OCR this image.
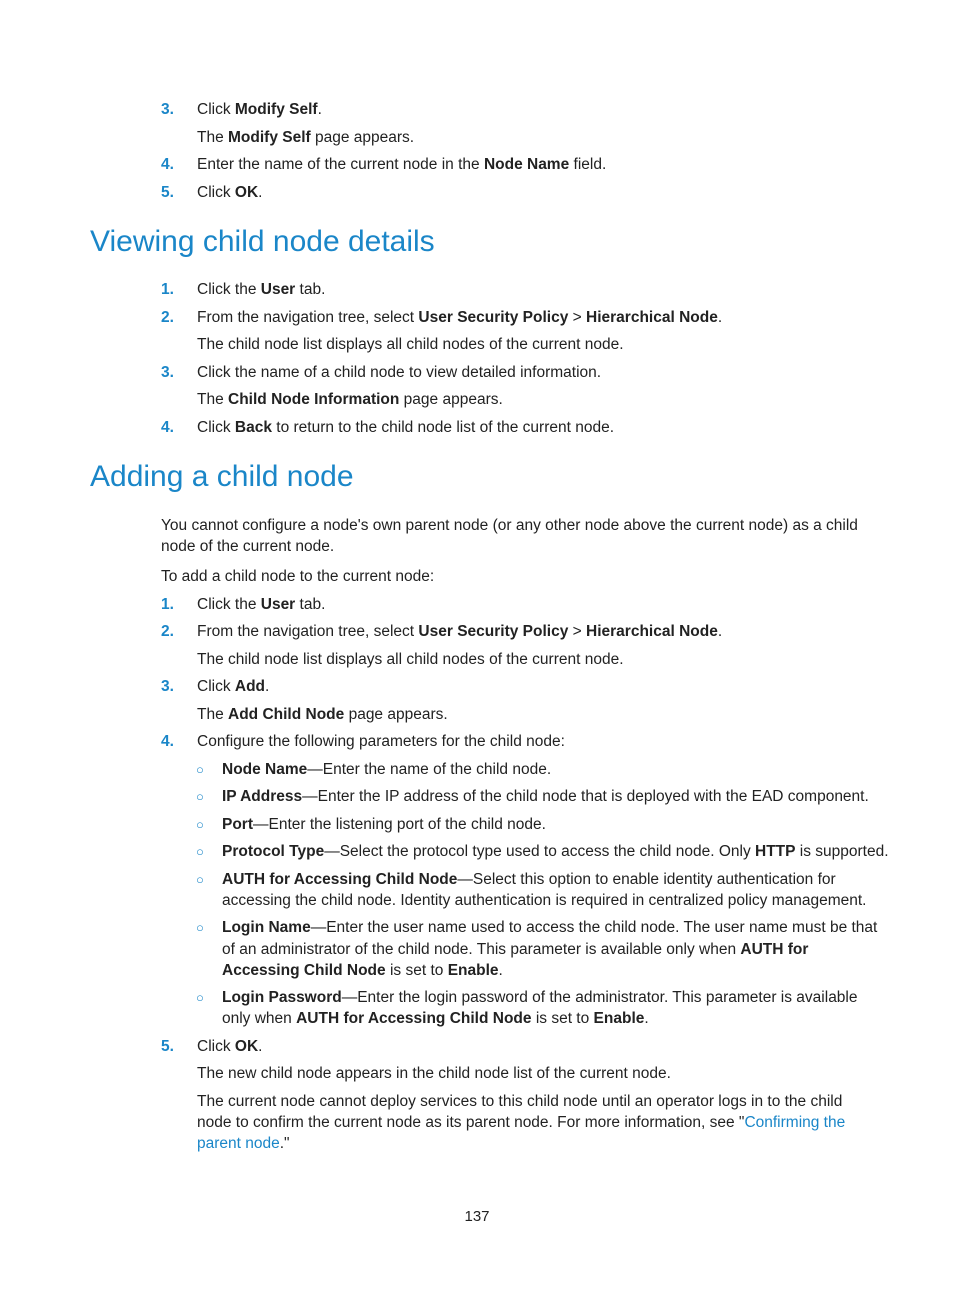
3. Click Modify Self.
The Modify Self page appears.
4. Enter the name of the current node in the Node Name field.
5. Click OK.
Viewing child node details
1. Click the User tab.
2. From the navigation tree, select User Security Policy > Hierarchical Node.
The child node list displays all child nodes of the current node.
3. Click the name of a child node to view detailed information.
The Child Node Information page appears.
4. Click Back to return to the child node list of the current node.
Adding a child node
You cannot configure a node's own parent node (or any other node above the current node) as a child
node of the current node.
To add a child node to the current node:
1. Click the User tab.
2. From the navigation tree, select User Security Policy > Hierarchical Node.
The child node list displays all child nodes of the current node.
3. Click Add.
The Add Child Node page appears.
4. Configure the following parameters for the child node:
○ Node Name—Enter the name of the child node.
○ IP Address—Enter the IP address of the child node that is deployed with the EAD component.
○ Port—Enter the listening port of the child node.
○ Protocol Type—Select the protocol type used to access the child node. Only HTTP is supported.
○ AUTH for Accessing Child Node—Select this option to enable identity authentication for
accessing the child node. Identity authentication is required in centralized policy management.
○ Login Name—Enter the user name used to access the child node. The user name must be that
of an administrator of the child node. This parameter is available only when AUTH for
Accessing Child Node is set to Enable.
○ Login Password—Enter the login password of the administrator. This parameter is available
only when AUTH for Accessing Child Node is set to Enable.
5. Click OK.
The new child node appears in the child node list of the current node.
The current node cannot deploy services to this child node until an operator logs in to the child
node to confirm the current node as its parent node. For more information, see "Confirming the
parent node."
137
